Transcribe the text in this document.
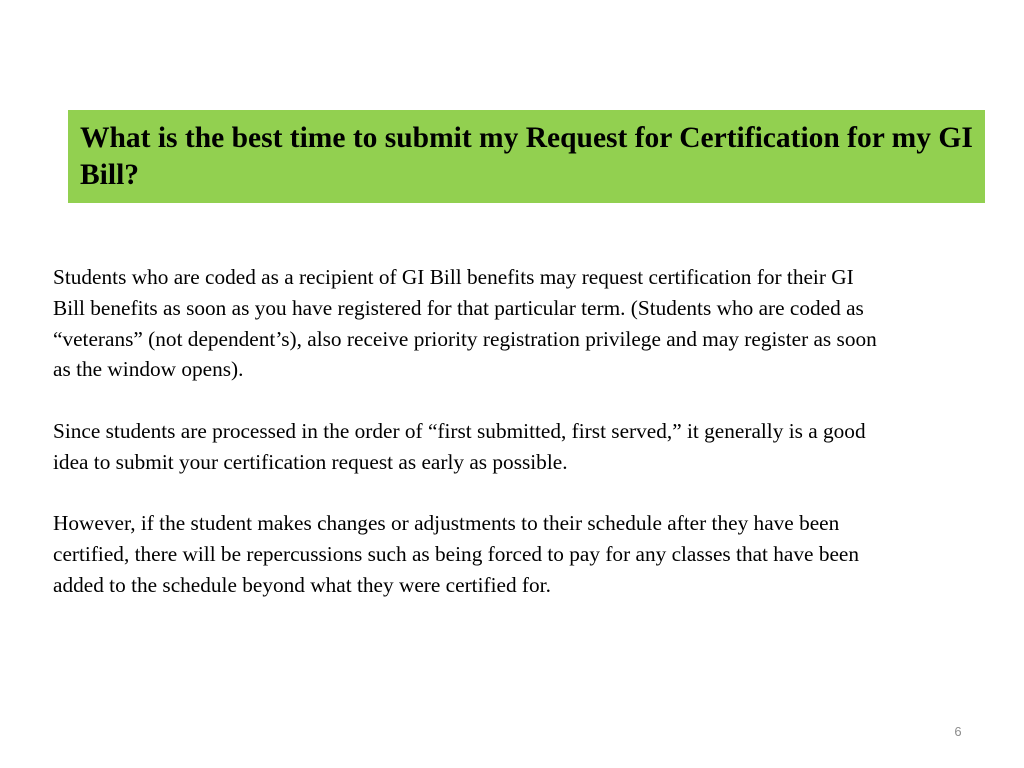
What is the best time to submit my Request for Certification for my GI Bill?

Students who are coded as a recipient of GI Bill benefits may request certification for their GI Bill benefits as soon as you have registered for that particular term. (Students who are coded as “veterans” (not dependent’s), also receive priority registration privilege and may register as soon as the window opens).

Since students are processed in the order of “first submitted, first served,” it generally is a good idea to submit your certification request as early as possible.

However, if the student makes changes or adjustments to their schedule after they have been certified, there will be repercussions such as being forced to pay for any classes that have been added to the schedule beyond what they were certified for.

6
